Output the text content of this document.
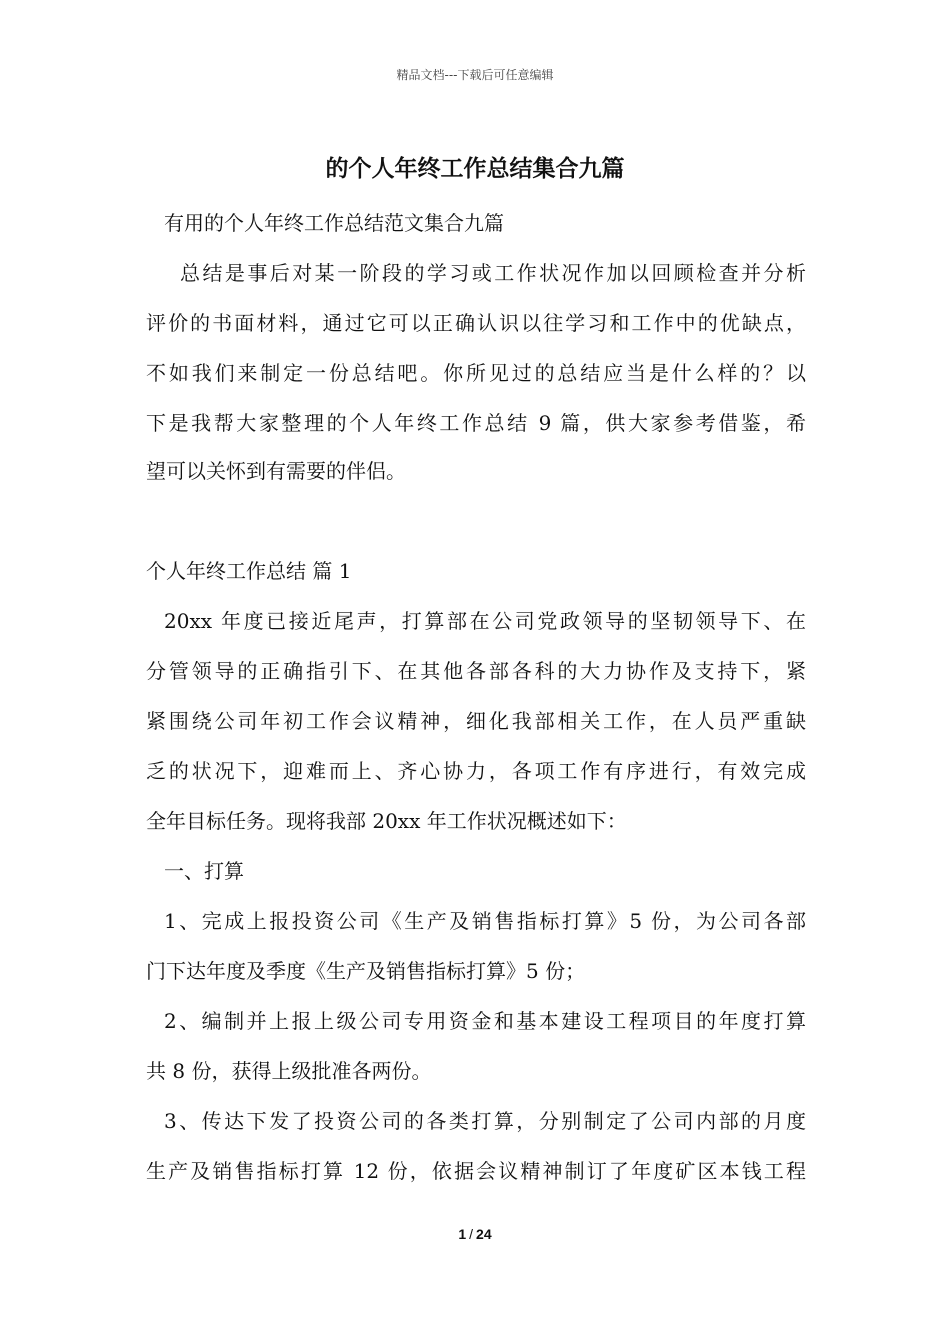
精品文档---下载后可任意编辑
的个人年终工作总结集合九篇
有用的个人年终工作总结范文集合九篇
总结是事后对某一阶段的学习或工作状况作加以回顾检查并分析
评价的书面材料，通过它可以正确认识以往学习和工作中的优缺点，
不如我们来制定一份总结吧。你所见过的总结应当是什么样的？以
下是我帮大家整理的个人年终工作总结 9 篇，供大家参考借鉴，希
望可以关怀到有需要的伴侣。
个人年终工作总结 篇 1
20xx 年度已接近尾声，打算部在公司党政领导的坚韧领导下、在
分管领导的正确指引下、在其他各部各科的大力协作及支持下，紧
紧围绕公司年初工作会议精神，细化我部相关工作，在人员严重缺
乏的状况下，迎难而上、齐心协力，各项工作有序进行，有效完成
全年目标任务。现将我部 20xx 年工作状况概述如下：
一、打算
1、完成上报投资公司《生产及销售指标打算》5 份，为公司各部
门下达年度及季度《生产及销售指标打算》5 份；
2、编制并上报上级公司专用资金和基本建设工程项目的年度打算
共 8 份，获得上级批准各两份。
3、传达下发了投资公司的各类打算，分别制定了公司内部的月度
生产及销售指标打算 12 份，依据会议精神制订了年度矿区本钱工程
1 / 24
